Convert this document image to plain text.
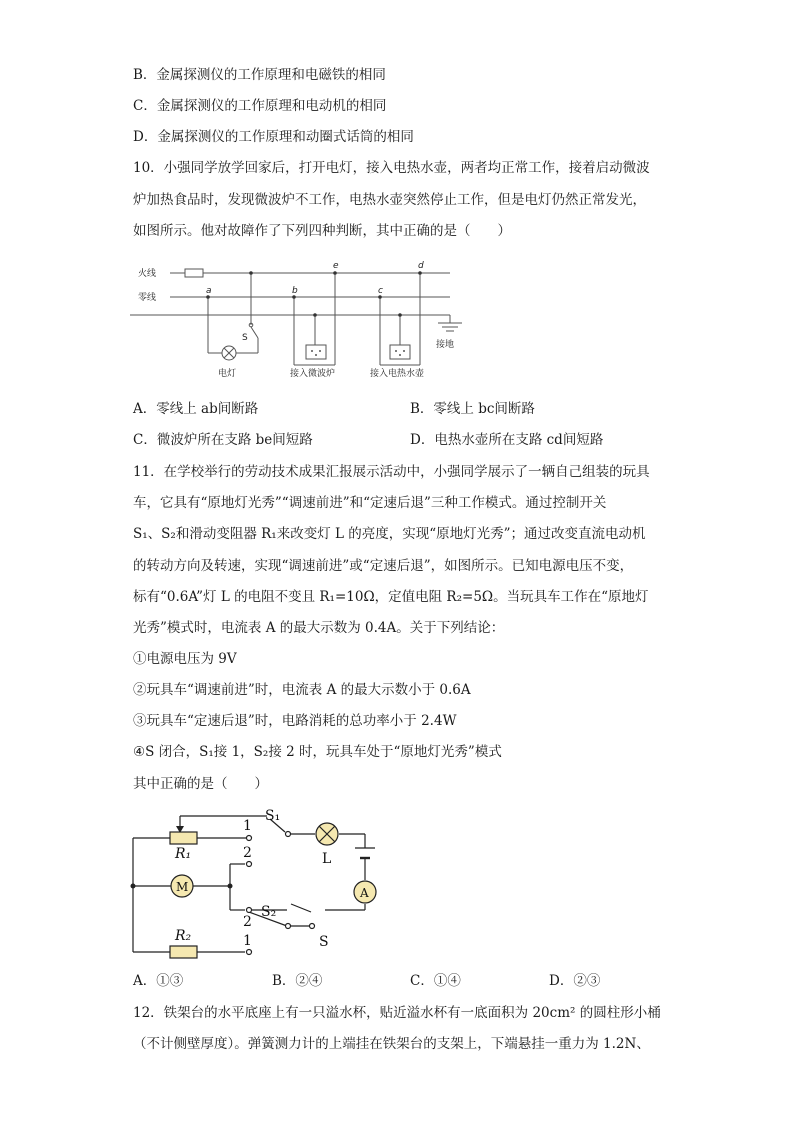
B．金属探测仪的工作原理和电磁铁的相同
C．金属探测仪的工作原理和电动机的相同
D．金属探测仪的工作原理和动圈式话筒的相同
10．小强同学放学回家后，打开电灯，接入电热水壶，两者均正常工作，接着启动微波
炉加热食品时，发现微波炉不工作，电热水壶突然停止工作，但是电灯仍然正常发光，
如图所示。他对故障作了下列四种判断，其中正确的是（　　）
火线
零线
接地
电灯	接入微波炉	接入电热水壶
S
a	b	c
d
e
A．零线上 ab间断路	B．零线上 bc间断路
C．微波炉所在支路 be间短路	D．电热水壶所在支路 cd间短路
11．在学校举行的劳动技术成果汇报展示活动中，小强同学展示了一辆自己组装的玩具
车，它具有“原地灯光秀”“调速前进”和“定速后退”三种工作模式。通过控制开关
S₁、S₂和滑动变阻器 R₁来改变灯 L 的亮度，实现“原地灯光秀”；通过改变直流电动机
的转动方向及转速，实现“调速前进”或“定速后退”，如图所示。已知电源电压不变，
标有“0.6A”灯 L 的电阻不变且 R₁=10Ω，定值电阻 R₂=5Ω。当玩具车工作在“原地灯
光秀”模式时，电流表 A 的最大示数为 0.4A。关于下列结论：
①电源电压为 9V
②玩具车“调速前进”时，电流表 A 的最大示数小于 0.6A
③玩具车“定速后退”时，电路消耗的总功率小于 2.4W
④S 闭合，S₁接 1，S₂接 2 时，玩具车处于“原地灯光秀”模式
其中正确的是（　　）
R₁
R₂
S₁
S₂
S
L
M	A
1
2
2
1
A．①③	B．②④	C．①④	D．②③
12．铁架台的水平底座上有一只溢水杯，贴近溢水杯有一底面积为 20cm² 的圆柱形小桶
（不计侧壁厚度）。弹簧测力计的上端挂在铁架台的支架上，下端悬挂一重力为 1.2N、
